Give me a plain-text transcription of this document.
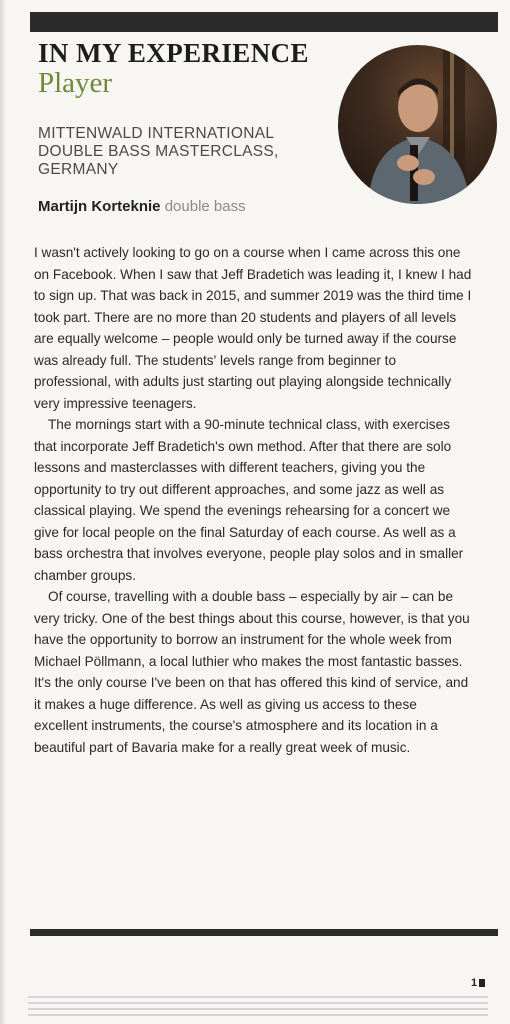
IN MY EXPERIENCE
Player
MITTENWALD INTERNATIONAL DOUBLE BASS MASTERCLASS, GERMANY
Martijn Korteknie double bass

I wasn't actively looking to go on a course when I came across this one on Facebook. When I saw that Jeff Bradetich was leading it, I knew I had to sign up. That was back in 2015, and summer 2019 was the third time I took part. There are no more than 20 students and players of all levels are equally welcome – people would only be turned away if the course was already full. The students' levels range from beginner to professional, with adults just starting out playing alongside technically very impressive teenagers.

The mornings start with a 90-minute technical class, with exercises that incorporate Jeff Bradetich's own method. After that there are solo lessons and masterclasses with different teachers, giving you the opportunity to try out different approaches, and some jazz as well as classical playing. We spend the evenings rehearsing for a concert we give for local people on the final Saturday of each course. As well as a bass orchestra that involves everyone, people play solos and in smaller chamber groups.

Of course, travelling with a double bass – especially by air – can be very tricky. One of the best things about this course, however, is that you have the opportunity to borrow an instrument for the whole week from Michael Pöllmann, a local luthier who makes the most fantastic basses. It's the only course I've been on that has offered this kind of service, and it makes a huge difference. As well as giving us access to these excellent instruments, the course's atmosphere and its location in a beautiful part of Bavaria make for a really great week of music.

1
